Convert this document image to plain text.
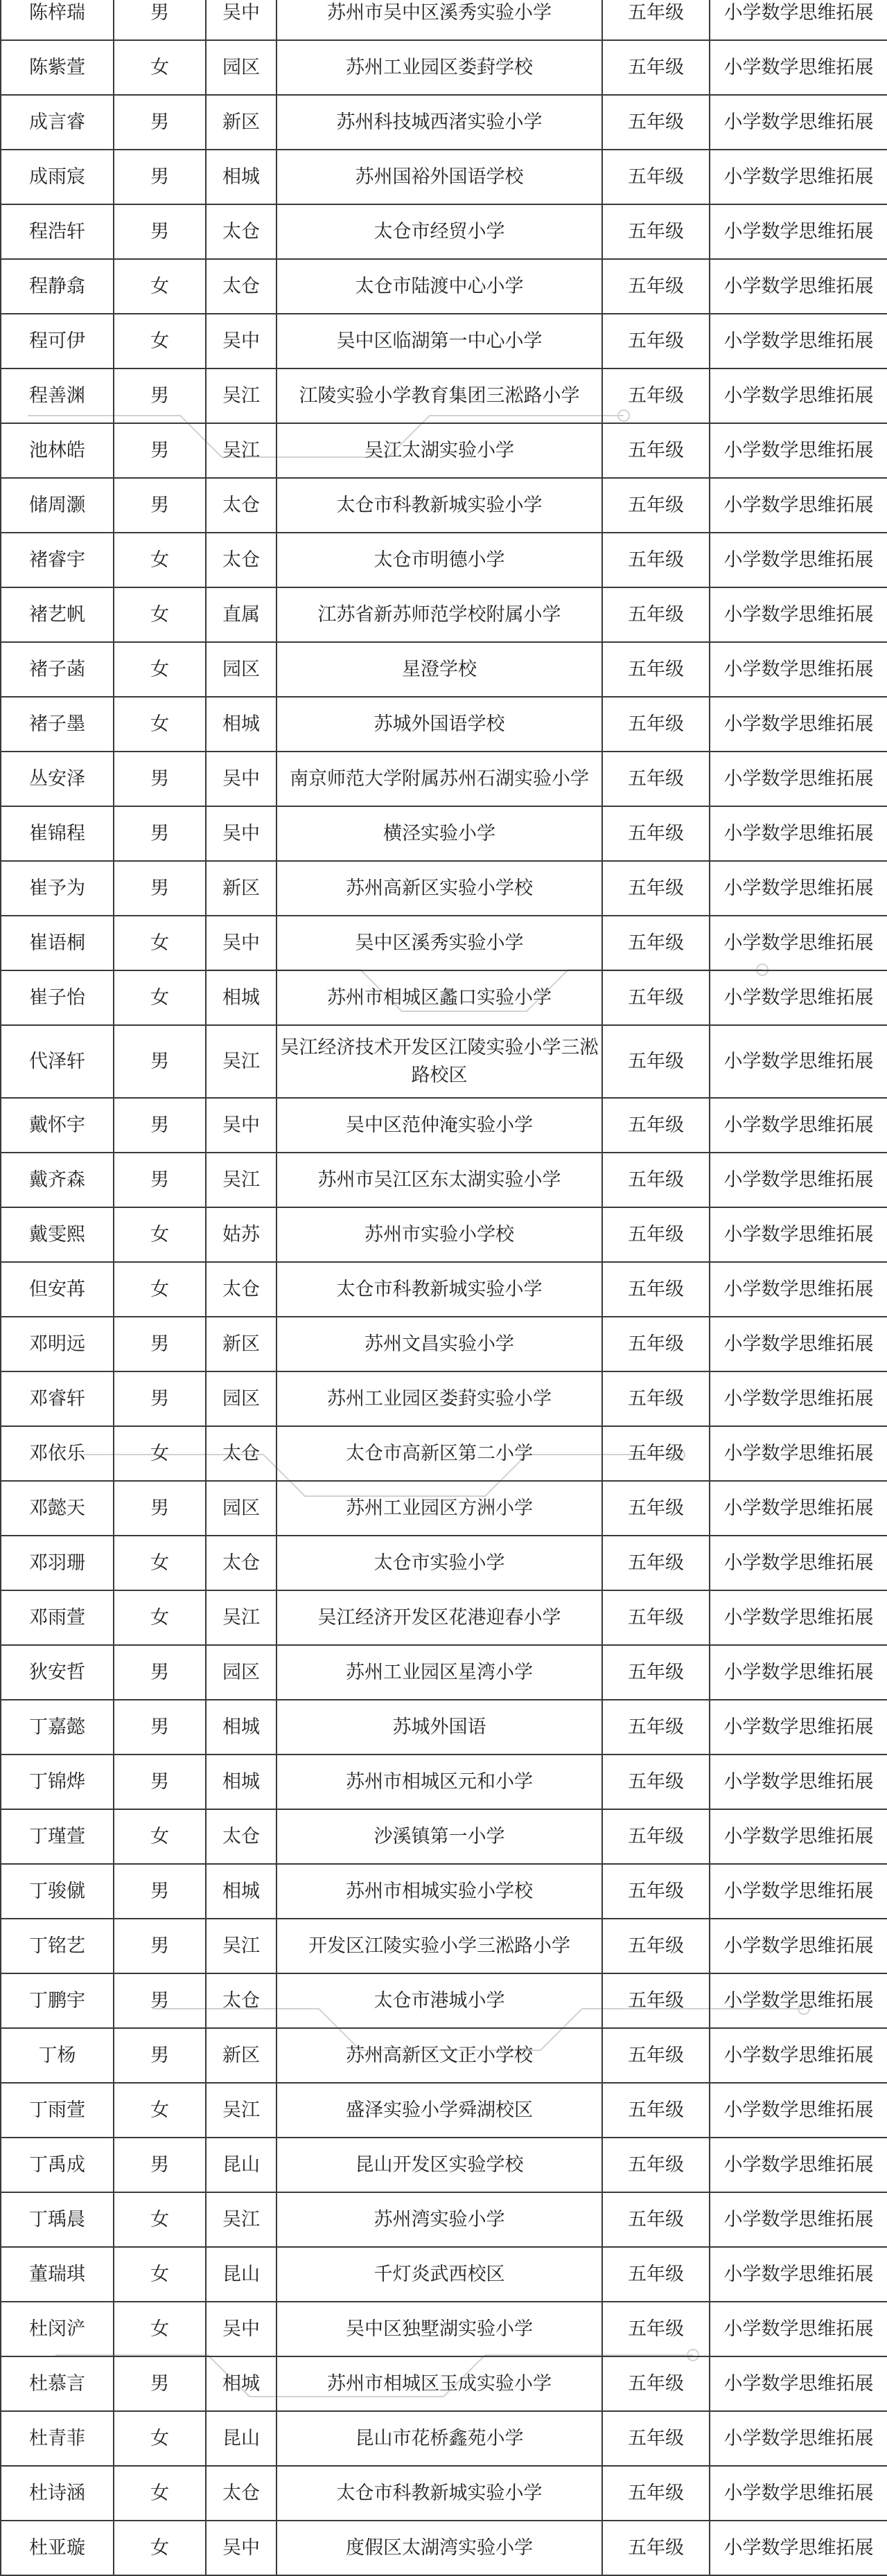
陈梓瑞	男	吴中	苏州市吴中区溪秀实验小学	五年级	小学数学思维拓展
陈紫萱	女	园区	苏州工业园区娄葑学校	五年级	小学数学思维拓展
成言睿	男	新区	苏州科技城西渚实验小学	五年级	小学数学思维拓展
成雨宸	男	相城	苏州国裕外国语学校	五年级	小学数学思维拓展
程浩轩	男	太仓	太仓市经贸小学	五年级	小学数学思维拓展
程静翕	女	太仓	太仓市陆渡中心小学	五年级	小学数学思维拓展
程可伊	女	吴中	吴中区临湖第一中心小学	五年级	小学数学思维拓展
程善渊	男	吴江	江陵实验小学教育集团三淞路小学	五年级	小学数学思维拓展
池林皓	男	吴江	吴江太湖实验小学	五年级	小学数学思维拓展
储周灏	男	太仓	太仓市科教新城实验小学	五年级	小学数学思维拓展
褚睿宇	女	太仓	太仓市明德小学	五年级	小学数学思维拓展
褚艺帆	女	直属	江苏省新苏师范学校附属小学	五年级	小学数学思维拓展
褚子菡	女	园区	星澄学校	五年级	小学数学思维拓展
褚子墨	女	相城	苏城外国语学校	五年级	小学数学思维拓展
丛安泽	男	吴中	南京师范大学附属苏州石湖实验小学	五年级	小学数学思维拓展
崔锦程	男	吴中	横泾实验小学	五年级	小学数学思维拓展
崔予为	男	新区	苏州高新区实验小学校	五年级	小学数学思维拓展
崔语桐	女	吴中	吴中区溪秀实验小学	五年级	小学数学思维拓展
崔子怡	女	相城	苏州市相城区蠡口实验小学	五年级	小学数学思维拓展
代泽轩	男	吴江	吴江经济技术开发区江陵实验小学三淞路校区	五年级	小学数学思维拓展
戴怀宇	男	吴中	吴中区范仲淹实验小学	五年级	小学数学思维拓展
戴齐森	男	吴江	苏州市吴江区东太湖实验小学	五年级	小学数学思维拓展
戴雯熙	女	姑苏	苏州市实验小学校	五年级	小学数学思维拓展
但安苒	女	太仓	太仓市科教新城实验小学	五年级	小学数学思维拓展
邓明远	男	新区	苏州文昌实验小学	五年级	小学数学思维拓展
邓睿轩	男	园区	苏州工业园区娄葑实验小学	五年级	小学数学思维拓展
邓依乐	女	太仓	太仓市高新区第二小学	五年级	小学数学思维拓展
邓懿天	男	园区	苏州工业园区方洲小学	五年级	小学数学思维拓展
邓羽珊	女	太仓	太仓市实验小学	五年级	小学数学思维拓展
邓雨萱	女	吴江	吴江经济开发区花港迎春小学	五年级	小学数学思维拓展
狄安哲	男	园区	苏州工业园区星湾小学	五年级	小学数学思维拓展
丁嘉懿	男	相城	苏城外国语	五年级	小学数学思维拓展
丁锦烨	男	相城	苏州市相城区元和小学	五年级	小学数学思维拓展
丁瑾萱	女	太仓	沙溪镇第一小学	五年级	小学数学思维拓展
丁骏僦	男	相城	苏州市相城实验小学校	五年级	小学数学思维拓展
丁铭艺	男	吴江	开发区江陵实验小学三淞路小学	五年级	小学数学思维拓展
丁鹏宇	男	太仓	太仓市港城小学	五年级	小学数学思维拓展
丁杨	男	新区	苏州高新区文正小学校	五年级	小学数学思维拓展
丁雨萱	女	吴江	盛泽实验小学舜湖校区	五年级	小学数学思维拓展
丁禹成	男	昆山	昆山开发区实验学校	五年级	小学数学思维拓展
丁瑀晨	女	吴江	苏州湾实验小学	五年级	小学数学思维拓展
董瑞琪	女	昆山	千灯炎武西校区	五年级	小学数学思维拓展
杜闵浐	女	吴中	吴中区独墅湖实验小学	五年级	小学数学思维拓展
杜慕言	男	相城	苏州市相城区玉成实验小学	五年级	小学数学思维拓展
杜青菲	女	昆山	昆山市花桥鑫苑小学	五年级	小学数学思维拓展
杜诗涵	女	太仓	太仓市科教新城实验小学	五年级	小学数学思维拓展
杜亚璇	女	吴中	度假区太湖湾实验小学	五年级	小学数学思维拓展
